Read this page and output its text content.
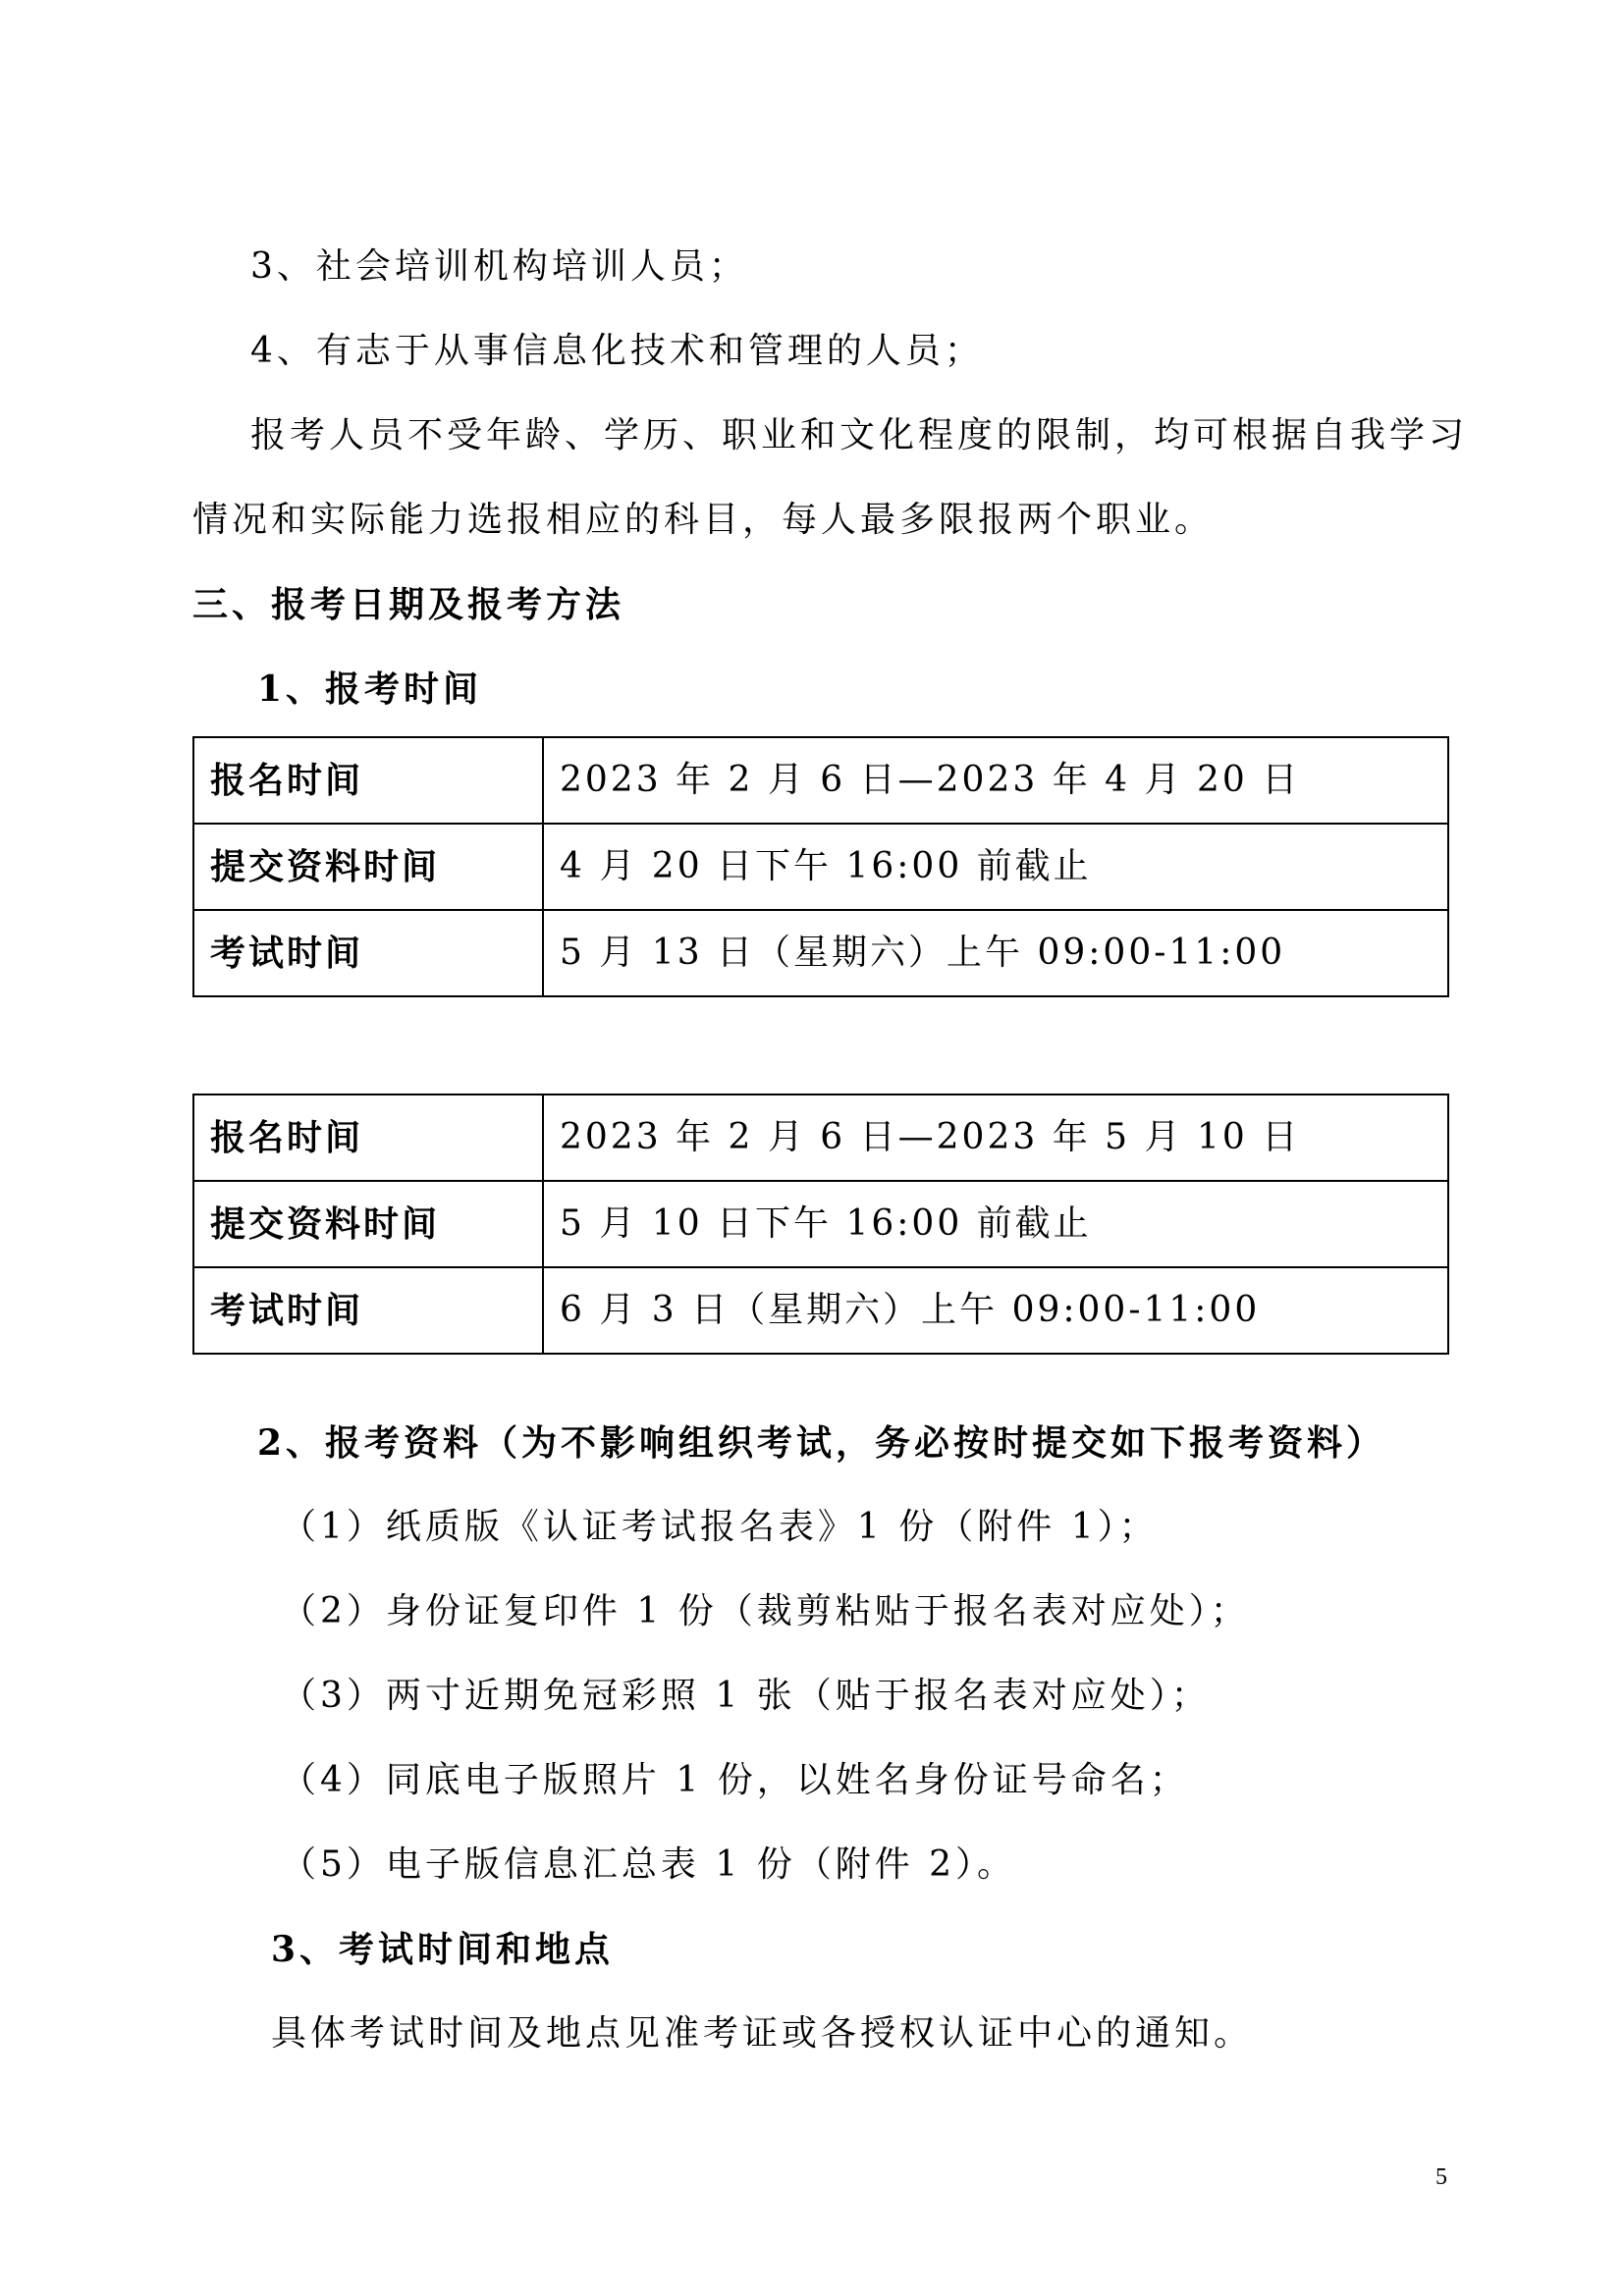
3、社会培训机构培训人员；
4、有志于从事信息化技术和管理的人员；
报考人员不受年龄、学历、职业和文化程度的限制，均可根据自我学习
情况和实际能力选报相应的科目，每人最多限报两个职业。
三、报考日期及报考方法
1、报考时间
报名时间	2023 年 2 月 6 日—2023 年 4 月 20 日
提交资料时间	4 月 20 日下午 16:00 前截止
考试时间	5 月 13 日（星期六）上午 09:00-11:00
报名时间	2023 年 2 月 6 日—2023 年 5 月 10 日
提交资料时间	5 月 10 日下午 16:00 前截止
考试时间	6 月 3 日（星期六）上午 09:00-11:00
2、报考资料（为不影响组织考试，务必按时提交如下报考资料）
（1）纸质版《认证考试报名表》1 份（附件 1）；
（2）身份证复印件 1 份（裁剪粘贴于报名表对应处）；
（3）两寸近期免冠彩照 1 张（贴于报名表对应处）；
（4）同底电子版照片 1 份，以姓名身份证号命名；
（5）电子版信息汇总表 1 份（附件 2）。
3、考试时间和地点
具体考试时间及地点见准考证或各授权认证中心的通知。
5
